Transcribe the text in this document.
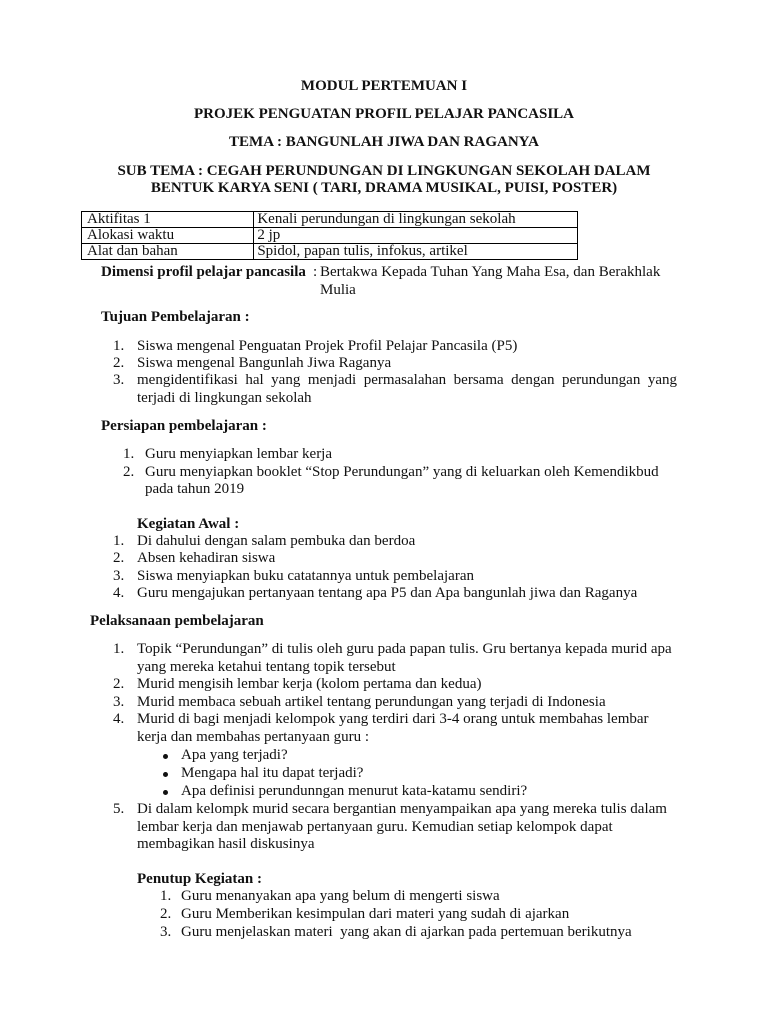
MODUL PERTEMUAN I
PROJEK PENGUATAN PROFIL PELAJAR PANCASILA
TEMA : BANGUNLAH JIWA DAN RAGANYA
SUB TEMA : CEGAH PERUNDUNGAN DI LINGKUNGAN SEKOLAH DALAM
BENTUK KARYA SENI ( TARI, DRAMA MUSIKAL, PUISI, POSTER)
Aktifitas 1	Kenali perundungan di lingkungan sekolah
Alokasi waktu	2 jp
Alat dan bahan	Spidol, papan tulis, infokus, artikel
Dimensi profil pelajar pancasila : Bertakwa Kepada Tuhan Yang Maha Esa, dan Berakhlak
Mulia
Tujuan Pembelajaran :
1. Siswa mengenal Penguatan Projek Profil Pelajar Pancasila (P5)
2. Siswa mengenal Bangunlah Jiwa Raganya
3. mengidentifikasi hal yang menjadi permasalahan bersama dengan perundungan yang
terjadi di lingkungan sekolah
Persiapan pembelajaran :
1. Guru menyiapkan lembar kerja
2. Guru menyiapkan booklet “Stop Perundungan” yang di keluarkan oleh Kemendikbud
pada tahun 2019
Kegiatan Awal :
1. Di dahului dengan salam pembuka dan berdoa
2. Absen kehadiran siswa
3. Siswa menyiapkan buku catatannya untuk pembelajaran
4. Guru mengajukan pertanyaan tentang apa P5 dan Apa bangunlah jiwa dan Raganya
Pelaksanaan pembelajaran
1. Topik “Perundungan” di tulis oleh guru pada papan tulis. Gru bertanya kepada murid apa
yang mereka ketahui tentang topik tersebut
2. Murid mengisih lembar kerja (kolom pertama dan kedua)
3. Murid membaca sebuah artikel tentang perundungan yang terjadi di Indonesia
4. Murid di bagi menjadi kelompok yang terdiri dari 3-4 orang untuk membahas lembar
kerja dan membahas pertanyaan guru :
Apa yang terjadi?
Mengapa hal itu dapat terjadi?
Apa definisi perundunngan menurut kata-katamu sendiri?
5. Di dalam kelompk murid secara bergantian menyampaikan apa yang mereka tulis dalam
lembar kerja dan menjawab pertanyaan guru. Kemudian setiap kelompok dapat
membagikan hasil diskusinya
Penutup Kegiatan :
1. Guru menanyakan apa yang belum di mengerti siswa
2. Guru Memberikan kesimpulan dari materi yang sudah di ajarkan
3. Guru menjelaskan materi  yang akan di ajarkan pada pertemuan berikutnya
